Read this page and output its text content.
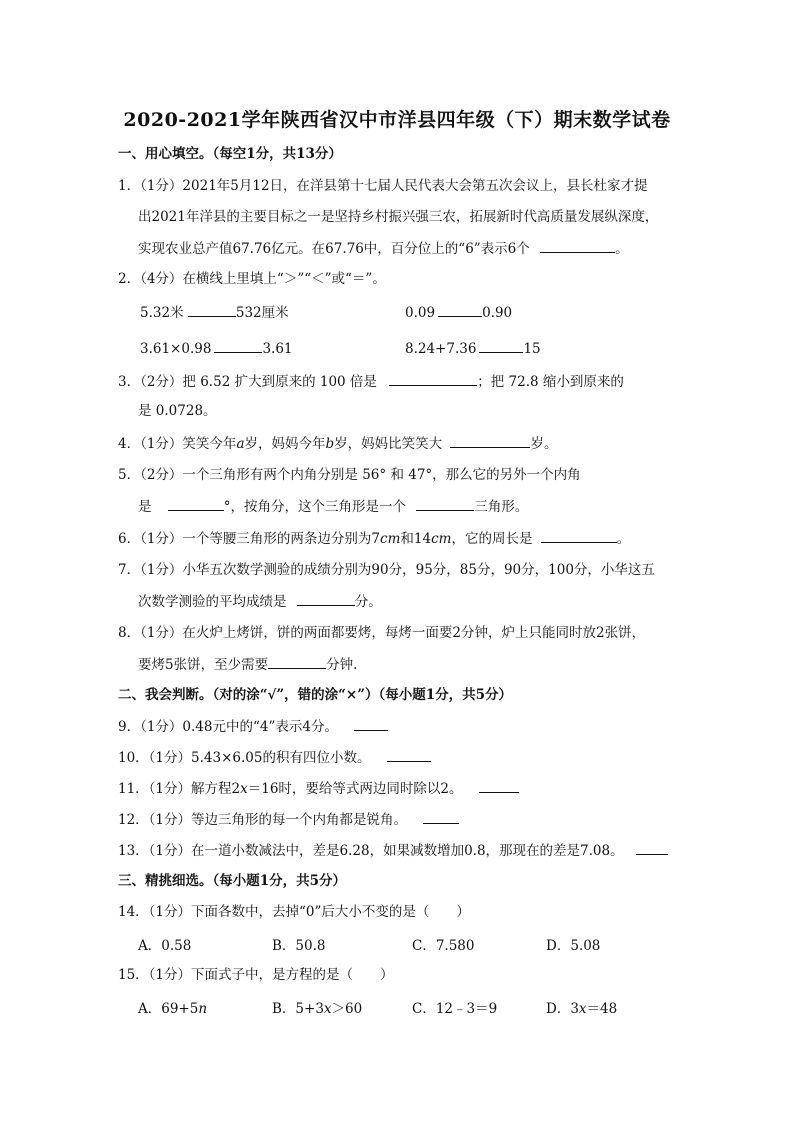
2020-2021学年陕西省汉中市洋县四年级（下）期末数学试卷
一、用心填空。（每空1分，共13分）
1．（1分）2021年5月12日，在洋县第十七届人民代表大会第五次会议上，县长杜家才提
出2021年洋县的主要目标之一是坚持乡村振兴强三农，拓展新时代高质量发展纵深度，
实现农业总产值67.76亿元。在67.76中，百分位上的“6”表示6个	。
2．（4分）在横线上里填上“＞”“＜”或“＝”。
5.32米	532厘米	0.09	0.90
3.61×0.98	3.61	8.24+7.36	15
3．（2分）把 6.52 扩大到原来的 100 倍是	；把 72.8 缩小到原来的
是 0.0728。
4．（1分）笑笑今年a岁，妈妈今年b岁，妈妈比笑笑大	岁。
5．（2分）一个三角形有两个内角分别是 56° 和 47°，那么它的另外一个内角
是	°，按角分，这个三角形是一个	三角形。
6．（1分）一个等腰三角形的两条边分别为7cm和14cm，它的周长是	。
7．（1分）小华五次数学测验的成绩分别为90分，95分，85分，90分，100分，小华这五
次数学测验的平均成绩是	分。
8．（1分）在火炉上烤饼，饼的两面都要烤，每烤一面要2分钟，炉上只能同时放2张饼，
要烤5张饼，至少需要	分钟.
二、我会判断。（对的涂“√”，错的涂“×”）（每小题1分，共5分）
9．（1分）0.48元中的“4”表示4分。
10．（1分）5.43×6.05的积有四位小数。
11．（1分）解方程2x＝16时，要给等式两边同时除以2。
12．（1分）等边三角形的每一个内角都是锐角。
13．（1分）在一道小数减法中，差是6.28，如果减数增加0.8，那现在的差是7.08。
三、精挑细选。（每小题1分，共5分）
14．（1分）下面各数中，去掉“0”后大小不变的是（　　）
A．0.58	B．50.8	C．7.580	D．5.08
15．（1分）下面式子中，是方程的是（　　）
A．69+5n	B．5+3x＞60	C．12﹣3＝9	D．3x＝48
